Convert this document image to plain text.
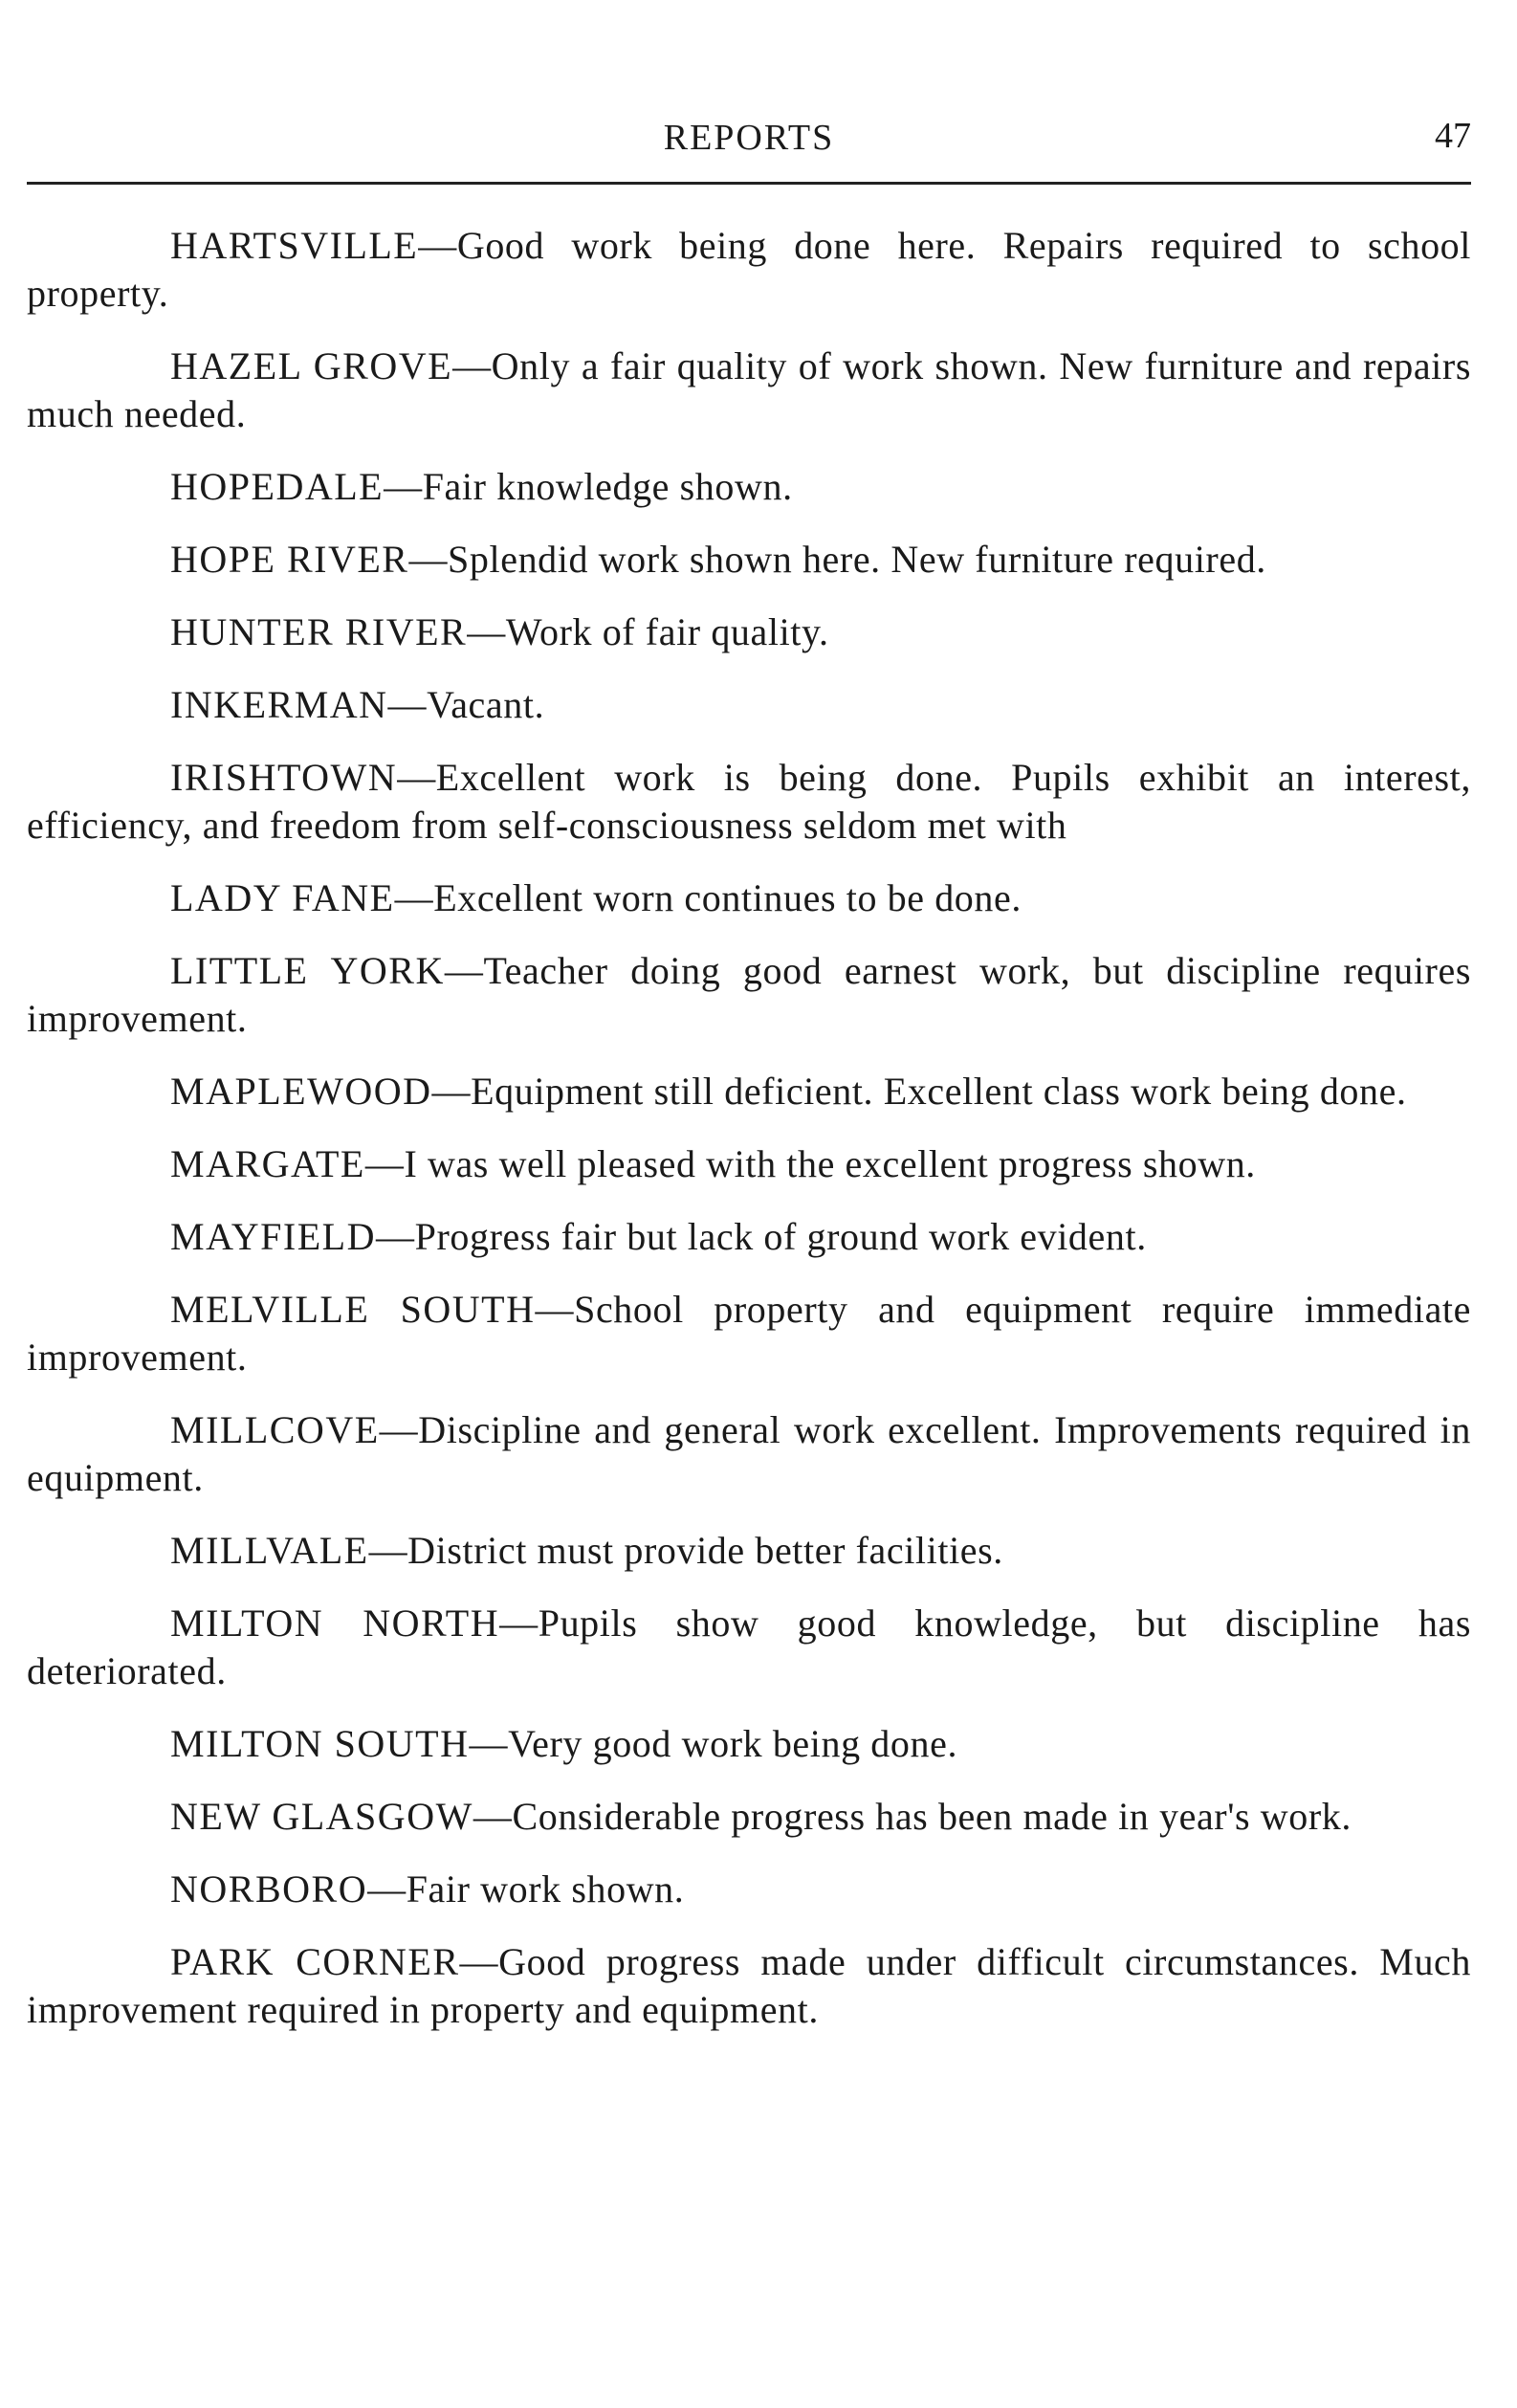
REPORTS	47

HARTSVILLE—Good work being done here. Repairs required to school property.

HAZEL GROVE—Only a fair quality of work shown. New furniture and repairs much needed.

HOPEDALE—Fair knowledge shown.

HOPE RIVER—Splendid work shown here. New furniture required.

HUNTER RIVER—Work of fair quality.

INKERMAN—Vacant.

IRISHTOWN—Excellent work is being done. Pupils exhibit an interest, efficiency, and freedom from self-consciousness seldom met with

LADY FANE—Excellent worn continues to be done.

LITTLE YORK—Teacher doing good earnest work, but discipline requires improvement.

MAPLEWOOD—Equipment still deficient. Excellent class work being done.

MARGATE—I was well pleased with the excellent progress shown.

MAYFIELD—Progress fair but lack of ground work evident.

MELVILLE SOUTH—School property and equipment require immediate improvement.

MILLCOVE—Discipline and general work excellent. Improvements required in equipment.

MILLVALE—District must provide better facilities.

MILTON NORTH—Pupils show good knowledge, but discipline has deteriorated.

MILTON SOUTH—Very good work being done.

NEW GLASGOW—Considerable progress has been made in year's work.

NORBORO—Fair work shown.

PARK CORNER—Good progress made under difficult circumstances. Much improvement required in property and equipment.
